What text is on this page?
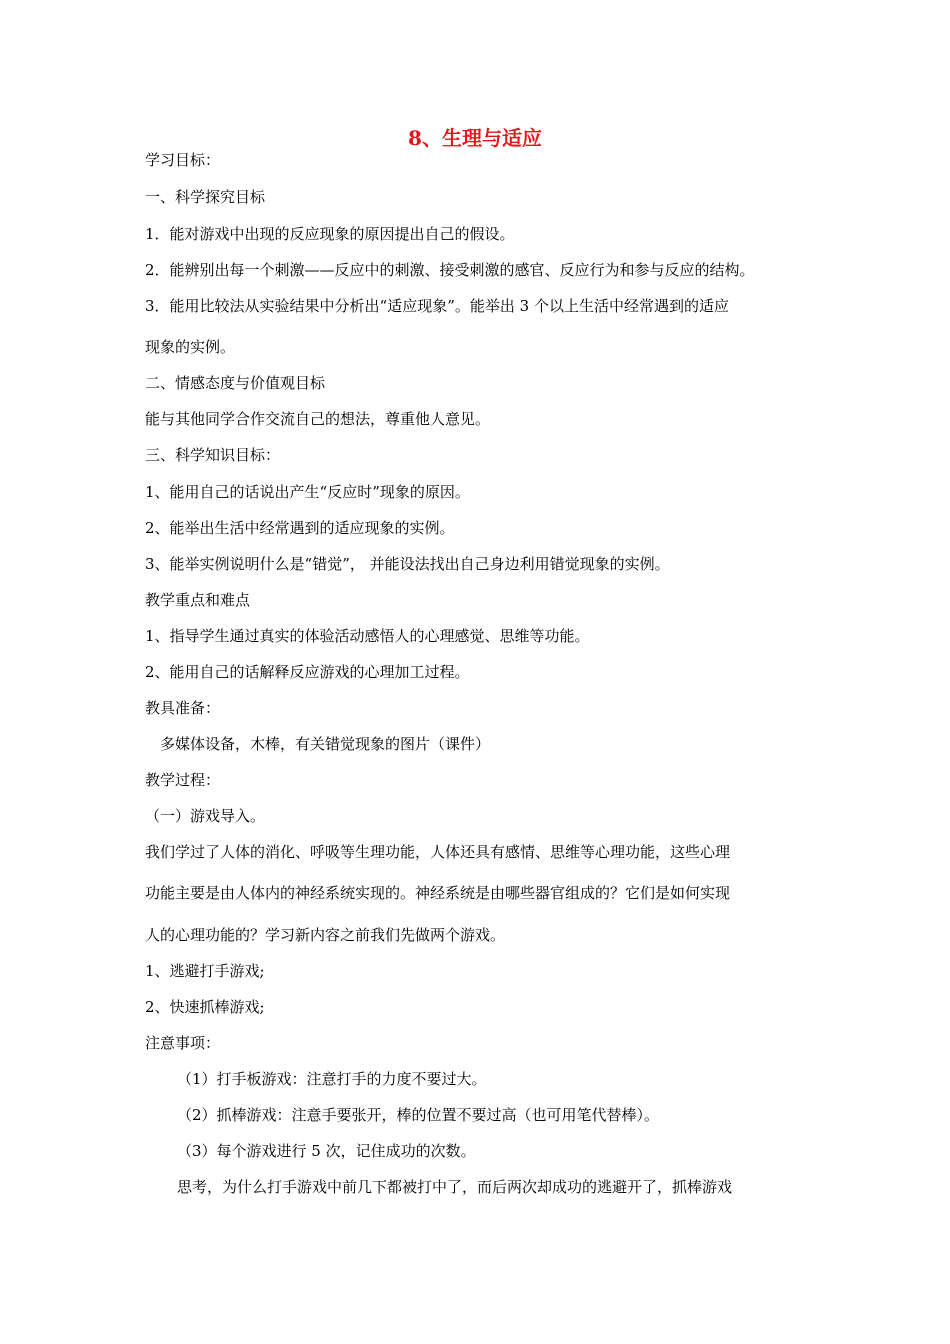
8、生理与适应
学习目标：
一、科学探究目标
1．能对游戏中出现的反应现象的原因提出自己的假设。
2．能辨别出每一个刺激——反应中的刺激、接受刺激的感官、反应行为和参与反应的结构。
3．能用比较法从实验结果中分析出“适应现象”。能举出 3 个以上生活中经常遇到的适应
现象的实例。
二、情感态度与价值观目标
能与其他同学合作交流自己的想法，尊重他人意见。
三、科学知识目标：
1、能用自己的话说出产生“反应时”现象的原因。
2、能举出生活中经常遇到的适应现象的实例。
3、能举实例说明什么是“错觉”， 并能设法找出自己身边利用错觉现象的实例。
教学重点和难点
1、指导学生通过真实的体验活动感悟人的心理感觉、思维等功能。
2、能用自己的话解释反应游戏的心理加工过程。
教具准备：
多媒体设备，木棒，有关错觉现象的图片（课件）
教学过程：
（一）游戏导入。
我们学过了人体的消化、呼吸等生理功能，人体还具有感情、思维等心理功能，这些心理
功能主要是由人体内的神经系统实现的。神经系统是由哪些器官组成的？它们是如何实现
人的心理功能的？学习新内容之前我们先做两个游戏。
1、逃避打手游戏;
2、快速抓棒游戏;
注意事项：
（1）打手板游戏：注意打手的力度不要过大。
（2）抓棒游戏：注意手要张开，棒的位置不要过高（也可用笔代替棒）。
（3）每个游戏进行 5 次，记住成功的次数。
思考，为什么打手游戏中前几下都被打中了，而后两次却成功的逃避开了，抓棒游戏
